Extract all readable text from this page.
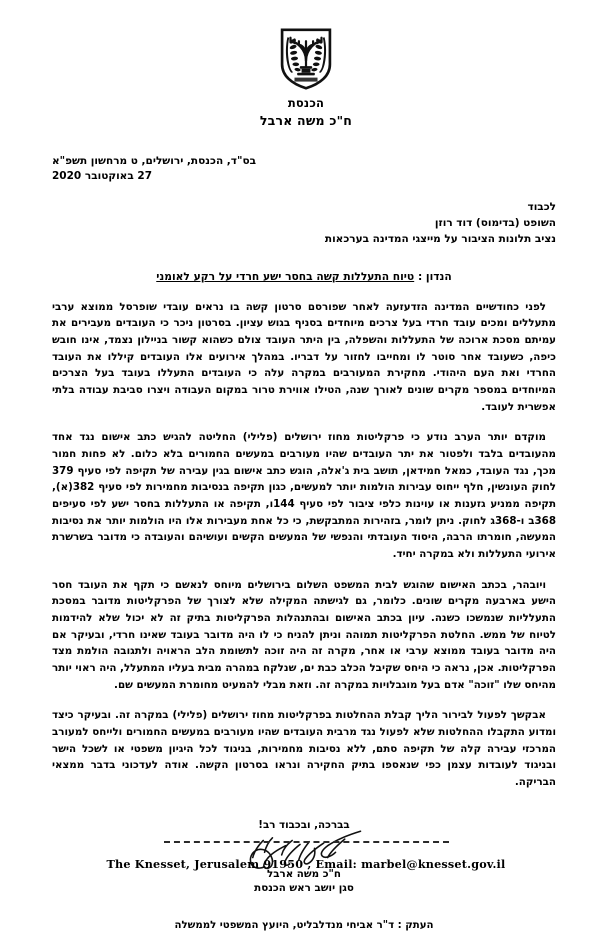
הכנסת
ח"כ משה ארבל
בס"ד, הכנסת, ירושלים, ט מרחשון תשפ"א
27 באוקטובר 2020
לכבוד
השופט (בדימוס) דוד רוזן
נציב תלונות הציבור על מייצגי המדינה בערכאות
הנדון : טיוח התעללות קשה בחסר ישע חרדי על רקע לאומני

לפני כחודשיים המדינה הזדעזעה לאחר שפורסם סרטון קשה בו נראים עובדי שופרסל ממוצא ערבי מתעללים ומכים עובד חרדי בעל צרכים מיוחדים בסניף בגוש עציון. בסרטון ניכר כי העובדים מעבירים את עמיתם מסכת ארוכה של התעללות והשפלה, בין היתר העובד צולם כשהוא קשור בניילון נצמד, אינו חובש כיפה, כשעובד אחר סוטר לו ומחייבו לחזור על דבריו. במהלך אירועים אלו העובדים קיללו את העובד החרדי ואת העם היהודי. מחקירת המעורבים במקרה עלה כי העובדים התעללו בעובד בעל הצרכים המיוחדים במספר מקרים שונים לאורך שנה, הטילו אווירת טרור במקום העבודה ויצרו סביבת עבודה בלתי אפשרית לעובד.

מוקדם יותר הערב נודע כי פרקליטות מחוז ירושלים (פלילי) החליטה להגיש כתב אישום נגד אחד מהעובדים בלבד ולפטור את יתר העובדים שהיו מעורבים במעשים החמורים בלא כלום. לא פחות חמור מכך, נגד העובד, כמאל חמידאן, תושב בית ג'אלה, הוגש כתב אישום בגין עבירה של תקיפה לפי סעיף 379 לחוק העונשין, חלף ייחוס עבירות הולמות יותר למעשים, כגון תקיפה בנסיבות מחמירות לפי סעיף 382(א), תקיפה ממניע גזענות או עוינות כלפי ציבור לפי סעיף 144ו, תקיפה או התעללות בחסר ישע לפי סעיפים 368ב ו-368ג לחוק. ניתן לומר, בזהירות המתבקשת, כי כל אחת מעבירות אלו היו הולמות יותר את נסיבות המעשה, חומרתו הרבה, היסוד העובדתי והנפשי של המעשים הקשים ועושיהם והעובדה כי מדובר בשרשרת אירועי התעללות ולא במקרה יחיד.

ויובהר, בכתב האישום שהוגש לבית המשפט השלום בירושלים מיוחס לנאשם כי תקף את העובד חסר הישע בארבעה מקרים שונים. כלומר, גם לגישתה המקילה שלא לצורך של הפרקליטות מדובר במסכת התעלליות שנמשכו כשנה. עיון בכתב האישום ובהתנהלות הפרקליטות בתיק זה לא יכול שלא להידמות לטיוח של ממש. החלטת הפרקליטות תמוהה וניתן להניח כי לו היה מדובר בעובד שאינו חרדי, ובעיקר אם היה מדובר בעובד ממוצא ערבי או אחר, מקרה זה היה זוכה לתשומת הלב הראויה ולתגובה הולמת מצד הפרקליטות. אכן, נראה כי היחס שקיבל הכלב כבת ים, שנלקח במהרה מבית בעליו המתעלל, היה ראוי יותר מהיחס שלו "זוכה" אדם בעל מוגבלויות במקרה זה. וזאת מבלי להמעיט מחומרת המעשים שם.

אבקשך לפעול לבירור הליך קבלת ההחלטות בפרקליטות מחוז ירושלים (פלילי) במקרה זה. ובעיקר כיצד ומדוע התקבלו ההחלטות שלא לפעול נגד מרבית העובדים שהיו מעורבים במעשים החמורים ולייחס למעורב המרכזי עבירה קלה של תקיפה סתם, ללא נסיבות מחמירות, בניגוד לכל היגיון משפטי או לשכל הישר ובניגוד לעובדות עצמן כפי שנאספו בתיק החקירה ונראו בסרטון הקשה. אודה לעדכוני בדבר ממצאי הבריקה.

בברכה, ובכבוד רב!
ח"כ משה ארבל
סגן יושב ראש הכנסת
העתק : ד"ר אביחי מנדלבליט, היועץ המשפטי לממשלה
The Knesset, Jerusalem 91950 , Email: marbel@knesset.gov.il
